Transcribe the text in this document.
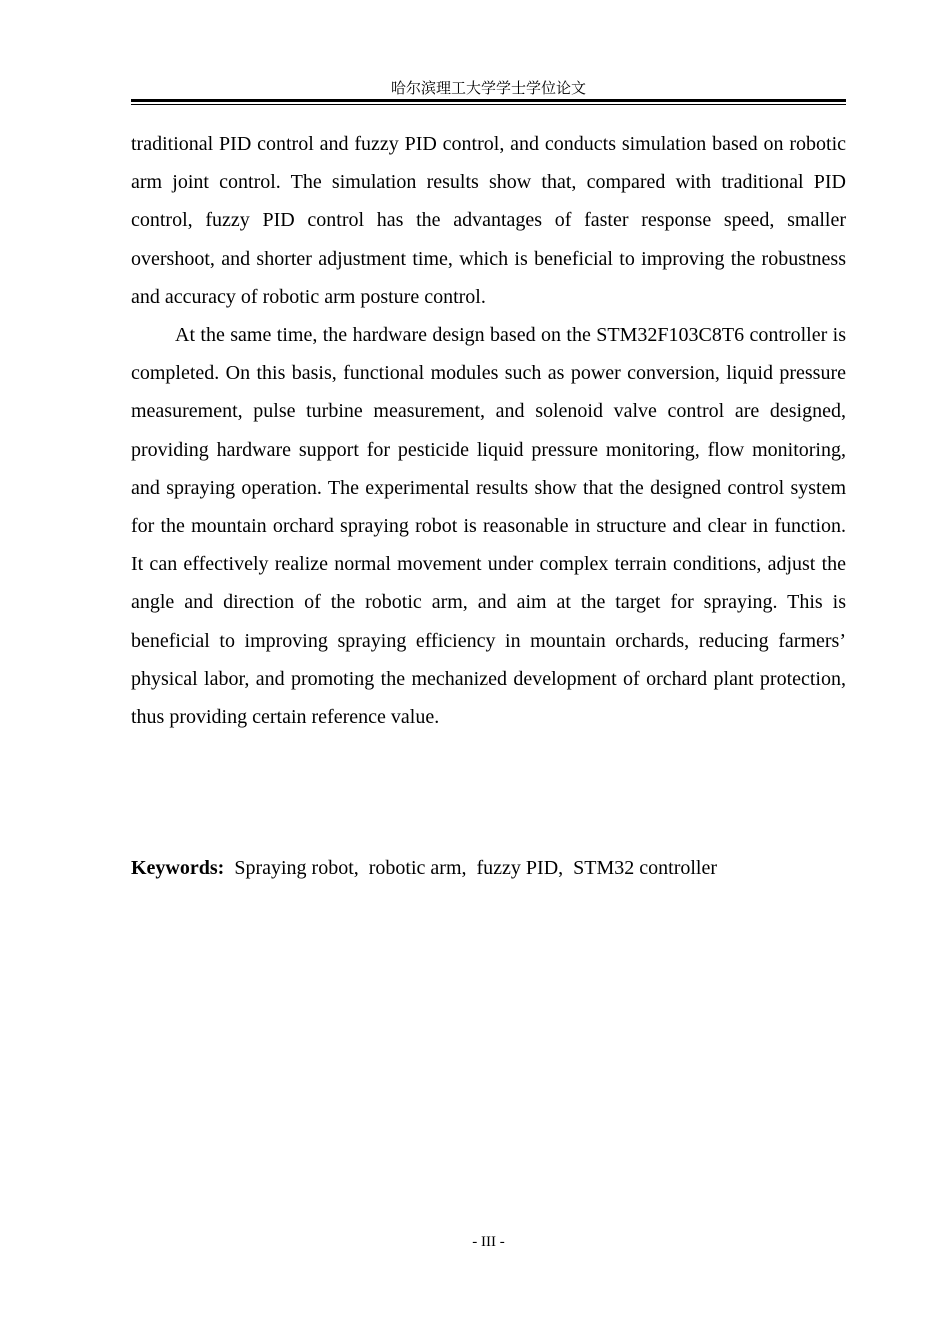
哈尔滨理工大学学士学位论文

traditional PID control and fuzzy PID control, and conducts simulation based on robotic arm joint control. The simulation results show that, compared with traditional PID control, fuzzy PID control has the advantages of faster response speed, smaller overshoot, and shorter adjustment time, which is beneficial to improving the robustness and accuracy of robotic arm posture control.

At the same time, the hardware design based on the STM32F103C8T6 controller is completed. On this basis, functional modules such as power conversion, liquid pressure measurement, pulse turbine measurement, and solenoid valve control are designed, providing hardware support for pesticide liquid pressure monitoring, flow monitoring, and spraying operation. The experimental results show that the designed control system for the mountain orchard spraying robot is reasonable in structure and clear in function. It can effectively realize normal movement under complex terrain conditions, adjust the angle and direction of the robotic arm, and aim at the target for spraying. This is beneficial to improving spraying efficiency in mountain orchards, reducing farmers’ physical labor, and promoting the mechanized development of orchard plant protection, thus providing certain reference value.

Keywords:  Spraying robot,  robotic arm,  fuzzy PID,  STM32 controller
- III -
